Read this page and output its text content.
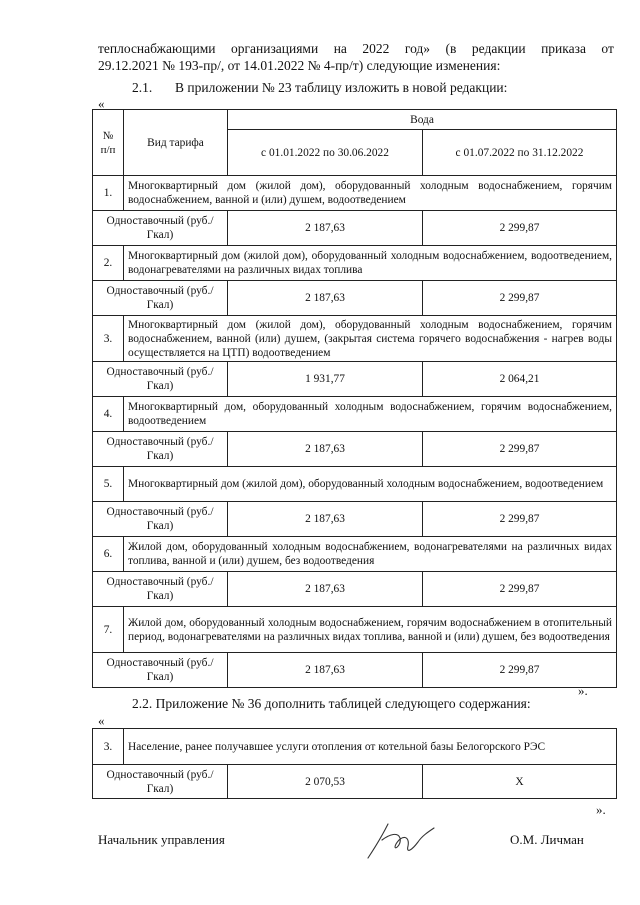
теплоснабжающими организациями на 2022 год» (в редакции приказа от
29.12.2021 № 193-пр/, от 14.01.2022 № 4-пр/т) следующие изменения:
2.1. В приложении № 23 таблицу изложить в новой редакции:
«
№ п/п	Вид тарифа	Вода	
		с 01.01.2022 по 30.06.2022	с 01.07.2022 по 31.12.2022
1.	Многоквартирный дом (жилой дом), оборудованный холодным водоснабжением, горячим водоснабжением, ванной и (или) душем, водоотведением		
Одноставочный (руб./Гкал)		2 187,63	2 299,87
2.	Многоквартирный дом (жилой дом), оборудованный холодным водоснабжением, водоотведением, водонагревателями на различных видах топлива		
Одноставочный (руб./Гкал)		2 187,63	2 299,87
3.	Многоквартирный дом (жилой дом), оборудованный холодным водоснабжением, горячим водоснабжением, ванной (или) душем, (закрытая система горячего водоснабжения - нагрев воды осуществляется на ЦТП) водоотведением		
Одноставочный (руб./Гкал)		1 931,77	2 064,21
4.	Многоквартирный дом, оборудованный холодным водоснабжением, горячим водоснабжением, водоотведением		
Одноставочный (руб./Гкал)		2 187,63	2 299,87
5.	Многоквартирный дом (жилой дом), оборудованный холодным водоснабжением, водоотведением		
Одноставочный (руб./Гкал)		2 187,63	2 299,87
6.	Жилой дом, оборудованный холодным водоснабжением, водонагревателями на различных видах топлива, ванной и (или) душем, без водоотведения		
Одноставочный (руб./Гкал)		2 187,63	2 299,87
7.	Жилой дом, оборудованный холодным водоснабжением, горячим водоснабжением в отопительный период, водонагревателями на различных видах топлива, ванной и (или) душем, без водоотведения		
Одноставочный (руб./Гкал)		2 187,63	2 299,87
».
2.2. Приложение № 36 дополнить таблицей следующего содержания:
«
3.	Население, ранее получавшее услуги отопления от котельной базы Белогорского РЭС		
Одноставочный (руб./Гкал)		2 070,53	Х
».
Начальник управления	О.М. Личман
